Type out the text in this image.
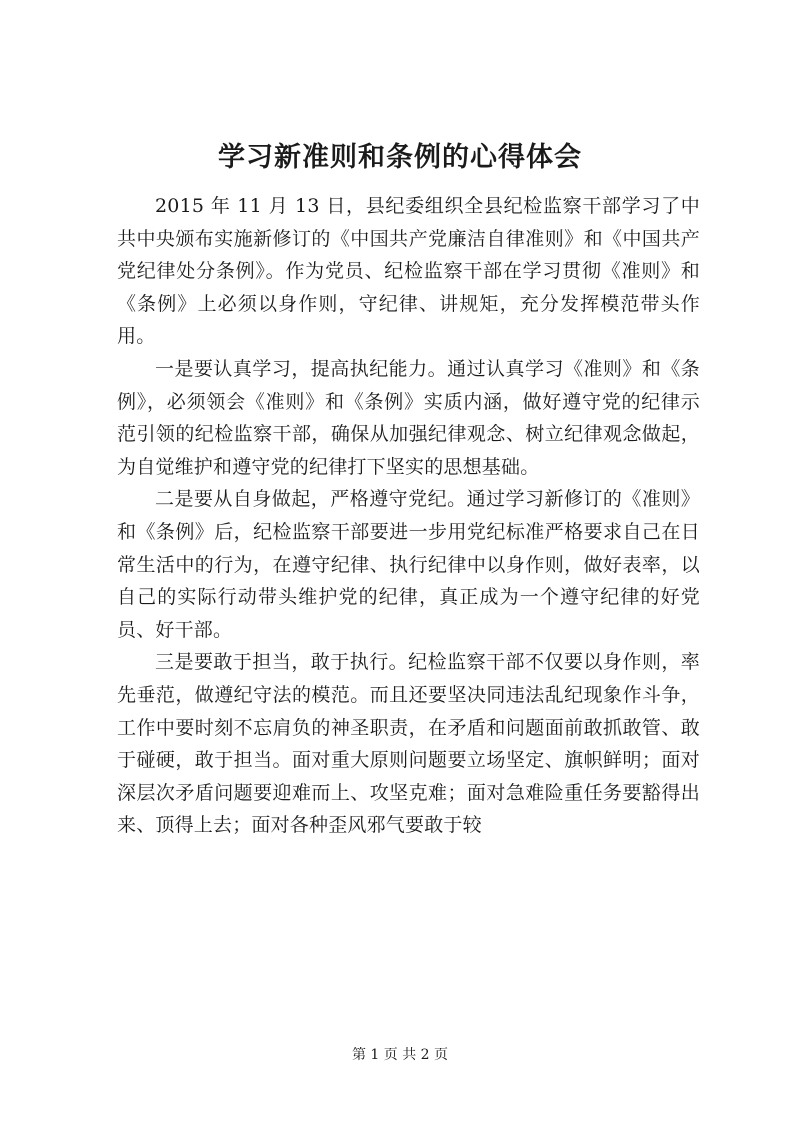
学习新准则和条例的心得体会

2015 年 11 月 13 日，县纪委组织全县纪检监察干部学习了中共中央颁布实施新修订的《中国共产党廉洁自律准则》和《中国共产党纪律处分条例》。作为党员、纪检监察干部在学习贯彻《准则》和《条例》上必须以身作则，守纪律、讲规矩，充分发挥模范带头作用。

一是要认真学习，提高执纪能力。通过认真学习《准则》和《条例》，必须领会《准则》和《条例》实质内涵，做好遵守党的纪律示范引领的纪检监察干部，确保从加强纪律观念、树立纪律观念做起，为自觉维护和遵守党的纪律打下坚实的思想基础。

二是要从自身做起，严格遵守党纪。通过学习新修订的《准则》和《条例》后，纪检监察干部要进一步用党纪标准严格要求自己在日常生活中的行为，在遵守纪律、执行纪律中以身作则，做好表率，以自己的实际行动带头维护党的纪律，真正成为一个遵守纪律的好党员、好干部。

三是要敢于担当，敢于执行。纪检监察干部不仅要以身作则，率先垂范，做遵纪守法的模范。而且还要坚决同违法乱纪现象作斗争，工作中要时刻不忘肩负的神圣职责，在矛盾和问题面前敢抓敢管、敢于碰硬，敢于担当。面对重大原则问题要立场坚定、旗帜鲜明；面对深层次矛盾问题要迎难而上、攻坚克难；面对急难险重任务要豁得出来、顶得上去；面对各种歪风邪气要敢于较

第 1 页 共 2 页
